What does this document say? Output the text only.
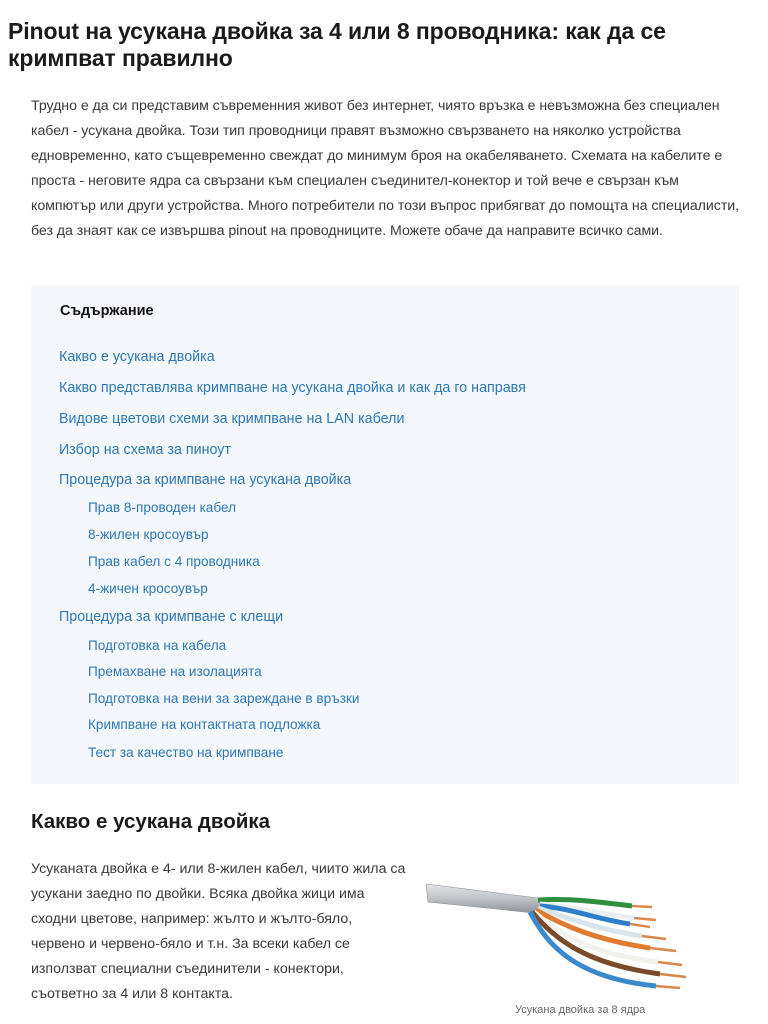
Pinout на усукана двойка за 4 или 8 проводника: как да се кримпват правилно

Трудно е да си представим съвременния живот без интернет, чиято връзка е невъзможна без специален кабел - усукана двойка. Този тип проводници правят възможно свързването на няколко устройства едновременно, като същевременно свеждат до минимум броя на окабеляването. Схемата на кабелите е проста - неговите ядра са свързани към специален съединител-конектор и той вече е свързан към компютър или други устройства. Много потребители по този въпрос прибягват до помощта на специалисти, без да знаят как се извършва pinout на проводниците. Можете обаче да направите всичко сами.

Съдържание
Какво е усукана двойка
Какво представлява кримпване на усукана двойка и как да го направя
Видове цветови схеми за кримпване на LAN кабели
Избор на схема за пиноут
Процедура за кримпване на усукана двойка
Прав 8-проводен кабел
8-жилен кросоувър
Прав кабел с 4 проводника
4-жичен кросоувър
Процедура за кримпване с клещи
Подготовка на кабела
Премахване на изолацията
Подготовка на вени за зареждане в връзки
Кримпване на контактната подложка
Тест за качество на кримпване
Какво е усукана двойка

Усуканата двойка е 4- или 8-жилен кабел, чиито жила са усукани заедно по двойки. Всяка двойка жици има сходни цветове, например: жълто и жълто-бяло, червено и червено-бяло и т.н. За всеки кабел се използват специални съединители - конектори, съответно за 4 или 8 контакта.

Усукана двойка за 8 ядра
